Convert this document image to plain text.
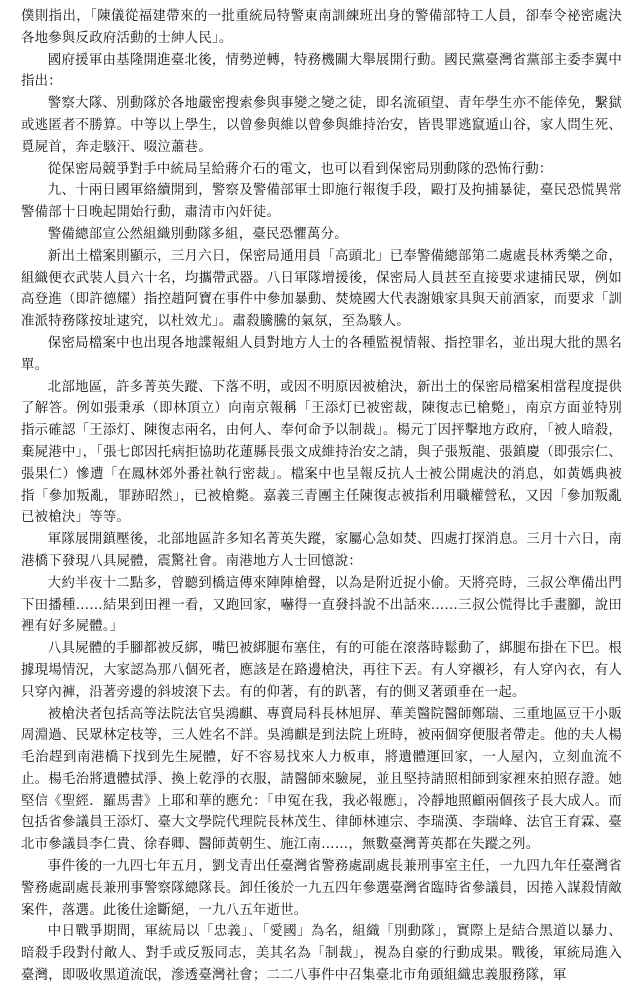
僕則指出，「陳儀從福建帶來的一批重統局特警東南訓練班出身的警備部特工人員，卻奉令祕密處決各地參與反政府活動的士紳人民」。

國府援軍由基隆開進臺北後，情勢逆轉，特務機關大舉展開行動。國民黨臺灣省黨部主委李翼中指出：

警察大隊、別動隊於各地嚴密搜索參與事變之變之徒，即名流碩望、青年學生亦不能倖免，繫獄或逃匿者不勝算。中等以上學生，以曾參與維以曾參與維持治安，皆畏罪逃竄遁山谷，家人問生死、覓屍首，奔走駭汗、啜泣蕭巷。

從保密局競爭對手中統局呈給蔣介石的電文，也可以看到保密局別動隊的恐怖行動：

九、十兩日國軍絡續開到，警察及警備部軍士即施行報復手段，毆打及拘捕暴徒，臺民恐慌異常警備部十日晚起開始行動，肅清市內奸徒。

警備總部宣公然組織別動隊多組，臺民恐懼萬分。

新出土檔案則顯示，三月六日，保密局通用員「高頭北」已奉警備總部第二處處長林秀樂之命，組織便衣武裝人員六十名，均攜帶武器。八日軍隊增援後，保密局人員甚至直接要求逮捕民眾，例如高登進（即許德耀）指控趙阿寶在事件中參加暴動、焚燒國大代表謝娥家具與天前酒家，而要求「訓准派特務隊按址逮究，以杜效尤」。肅殺騰騰的氣氛，至為駭人。

保密局檔案中也出現各地諜報組人員對地方人士的各種監視情報、指控罪名，並出現大批的黑名單。

北部地區，許多菁英失蹤、下落不明，或因不明原因被槍決，新出土的保密局檔案相當程度提供了解答。例如張秉承（即林頂立）向南京報稱「王添灯已被密裁，陳復志已槍斃」，南京方面並特別指示確認「王添灯、陳復志兩名，由何人、奉何命予以制裁」。楊元丁因抨擊地方政府，「被人暗殺，棄屍港中」，「張七郎因托病拒協助花蓮縣長張文成維持治安之請，與子張叛龍、張鎮慶（即張宗仁、張果仁）慘遭「在鳳林郊外番社執行密裁」。檔案中也呈報反抗人士被公開處決的消息，如黃媽典被指「參加叛亂，罪跡昭然」，已被槍斃。嘉義三青團主任陳復志被指利用職權營私，又因「參加叛亂已被槍決」等等。

軍隊展開鎮壓後，北部地區許多知名菁英失蹤，家屬心急如焚、四處打探消息。三月十六日，南港橋下發現八具屍體，震驚社會。南港地方人士回憶說：

大約半夜十二點多，曾聽到橋這傳來陣陣槍聲，以為是附近捉小偷。天將亮時，三叔公準備出門下田播種……結果到田裡一看，又跑回家，嚇得一直發抖說不出話來……三叔公慌得比手畫腳，說田裡有好多屍體。」

八具屍體的手腳都被反綁，嘴巴被綁腿布塞住，有的可能在滾落時鬆動了，綁腿布掛在下巴。根據現場情況，大家認為那八個死者，應該是在路邊槍決，再往下丟。有人穿襯衫，有人穿內衣，有人只穿內褲，沿著旁邊的斜坡滾下去。有的仰著，有的趴著，有的側叉著頭垂在一起。

被槍決者包括高等法院法官吳鴻麒、專賣局科長林旭屏、華美醫院醫師鄭瑞、三重地區豆干小販周淵過、民眾林定枝等，三人姓名不詳。吳鴻麒是到法院上班時，被兩個穿便服者帶走。他的夫人楊毛治趕到南港橋下找到先生屍體，好不容易找來人力板車，將遺體運回家，一人屋內，立刻血流不止。楊毛治將遺體拭淨、換上乾淨的衣服，請醫師來驗屍，並且堅持請照相師到家裡來拍照存證。她堅信《聖經．羅馬書》上耶和華的應允：「申冤在我，我必報應」，冷靜地照顧兩個孩子長大成人。而包括省參議員王添灯、臺大文學院代理院長林茂生、律師林連宗、李瑞漢、李瑞峰、法官王育霖、臺北市參議員李仁貴、徐春卿、醫師黃朝生、施江南……，無數臺灣菁英都在失蹤之列。

事件後的一九四七年五月，劉戈青出任臺灣省警務處副處長兼刑事室主任，一九四九年任臺灣省警務處副處長兼刑事警察隊總隊長。卸任後於一九五四年參選臺灣省臨時省參議員，因捲入謀殺情敵案件，落選。此後仕途斷絕，一九八五年逝世。

中日戰爭期間，軍統局以「忠義」、「愛國」為名，組織「別動隊」，實際上是結合黑道以暴力、暗殺手段對付敵人、對手或反叛同志，美其名為「制裁」，視為自豪的行動成果。戰後，軍統局進入臺灣，即吸收黑道流氓，滲透臺灣社會；二二八事件中召集臺北市角頭組織忠義服務隊，軍
